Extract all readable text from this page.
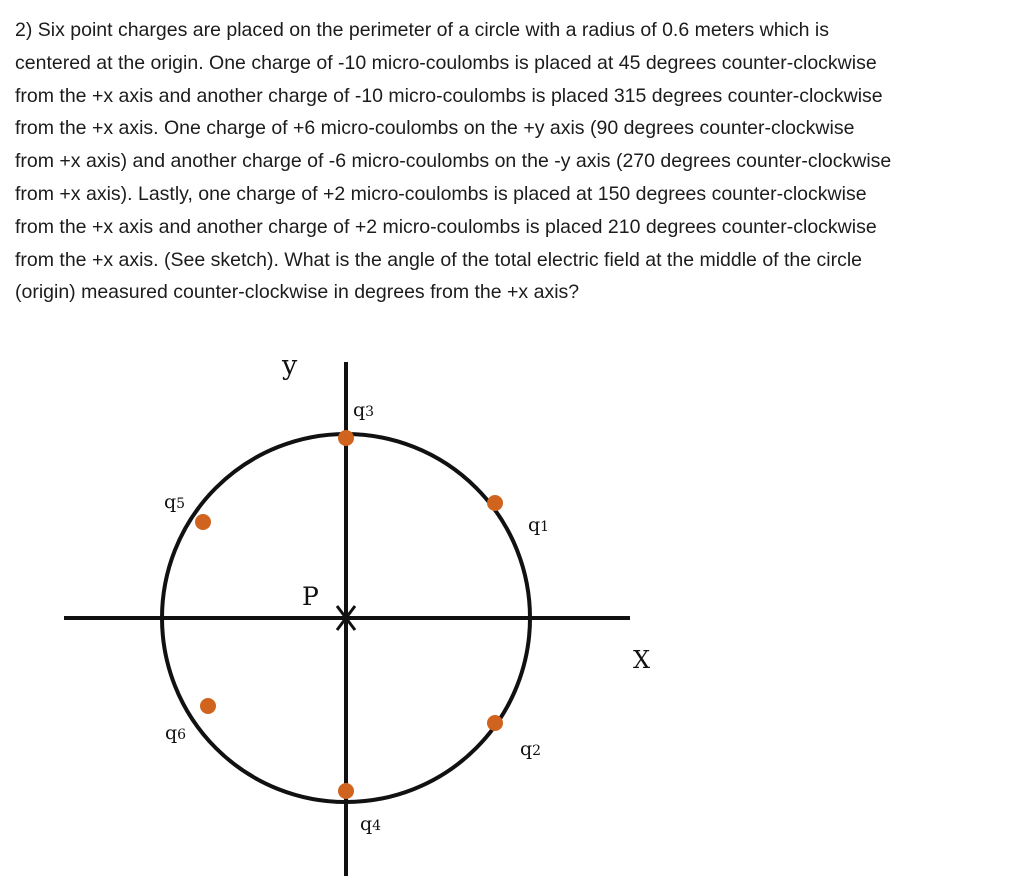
2) Six point charges are placed on the perimeter of a circle with a radius of 0.6 meters which is
centered at the origin. One charge of -10 micro-coulombs is placed at 45 degrees counter-clockwise
from the +x axis and another charge of -10 micro-coulombs is placed 315 degrees counter-clockwise
from the +x axis. One charge of +6 micro-coulombs on the +y axis (90 degrees counter-clockwise
from +x axis) and another charge of -6 micro-coulombs on the -y axis (270 degrees counter-clockwise
from +x axis). Lastly, one charge of +2 micro-coulombs is placed at 150 degrees counter-clockwise
from the +x axis and another charge of +2 micro-coulombs is placed 210 degrees counter-clockwise
from the +x axis. (See sketch). What is the angle of the total electric field at the middle of the circle
(origin) measured counter-clockwise in degrees from the +x axis?
y
X
P
q1
q2
q3
q4
q5
q6
